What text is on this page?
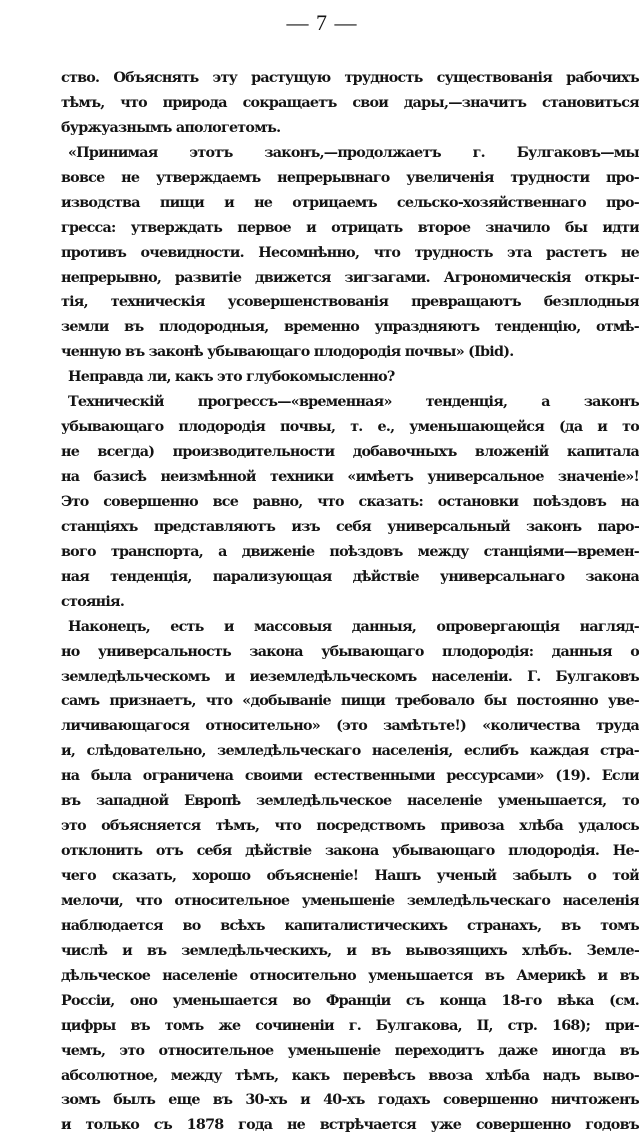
— 7 —
ство. Объяснять эту растущую трудность существованія рабочихъ
тѣмъ, что природа сокращаетъ свои дары,—значитъ становиться
буржуазнымъ апологетомъ.
«Принимая этотъ законъ,—продолжаетъ г. Булгаковъ—мы
вовсе не утверждаемъ непрерывнаго увеличенія трудности про-
изводства пищи и не отрицаемъ сельско-хозяйственнаго про-
гресса: утверждать первое и отрицать второе значило бы идти
противъ очевидности. Несомнѣнно, что трудность эта растетъ не
непрерывно, развитіе движется зигзагами. Агрономическія откры-
тія, техническія усовершенствованія превращаютъ безплодныя
земли въ плодородныя, временно упраздняютъ тенденцію, отмѣ-
ченную въ законѣ убывающаго плодородія почвы» (Ibid).
Неправда ли, какъ это глубокомысленно?
Техническій прогрессъ—«временная» тенденція, а законъ
убывающаго плодородія почвы, т. е., уменьшающейся (да и то
не всегда) производительности добавочныхъ вложеній капитала
на базисѣ неизмѣнной техники «имѣетъ универсальное значеніе»!
Это совершенно все равно, что сказать: остановки поѣздовъ на
станціяхъ представляютъ изъ себя универсальный законъ паро-
вого транспорта, а движеніе поѣздовъ между станціями—времен-
ная тенденція, парализующая дѣйствіе универсальнаго закона
стоянія.
Наконецъ, есть и массовыя данныя, опровергающія нагляд-
но универсальность закона убывающаго плодородія: данныя о
земледѣльческомъ и иеземледѣльческомъ населеніи. Г. Булгаковъ
самъ признаетъ, что «добываніе пищи требовало бы постоянно уве-
личивающагося относительно» (это замѣтьте!) «количества труда
и, слѣдовательно, земледѣльческаго населенія, еслибъ каждая стра-
на была ограничена своими естественными ресcурсами» (19). Если
въ западной Европѣ земледѣльческое населеніе уменьшается, то
это объясняется тѣмъ, что посредствомъ привоза хлѣба удалось
отклонить отъ себя дѣйствіе закона убывающаго плодородія. Не-
чего сказать, хорошо объясненіе! Нашъ ученый забылъ о той
мелочи, что относительное уменьшеніе земледѣльческаго населенія
наблюдается во всѣхъ капиталистическихъ странахъ, въ томъ
числѣ и въ земледѣльческихъ, и въ вывозящихъ хлѣбъ. Земле-
дѣльческое населеніе относительно уменьшается въ Америкѣ и въ
Россіи, оно уменьшается во Франціи съ конца 18-го вѣка (см.
цифры въ томъ же сочиненіи г. Булгакова, II, стр. 168); при-
чемъ, это относительное уменьшеніе переходитъ даже иногда въ
абсолютное, между тѣмъ, какъ перевѣсъ ввоза хлѣба надъ выво-
зомъ былъ еще въ 30-хъ и 40-хъ годахъ совершенно ничтоженъ
и только съ 1878 года не встрѣчается уже совершенно годовъ
